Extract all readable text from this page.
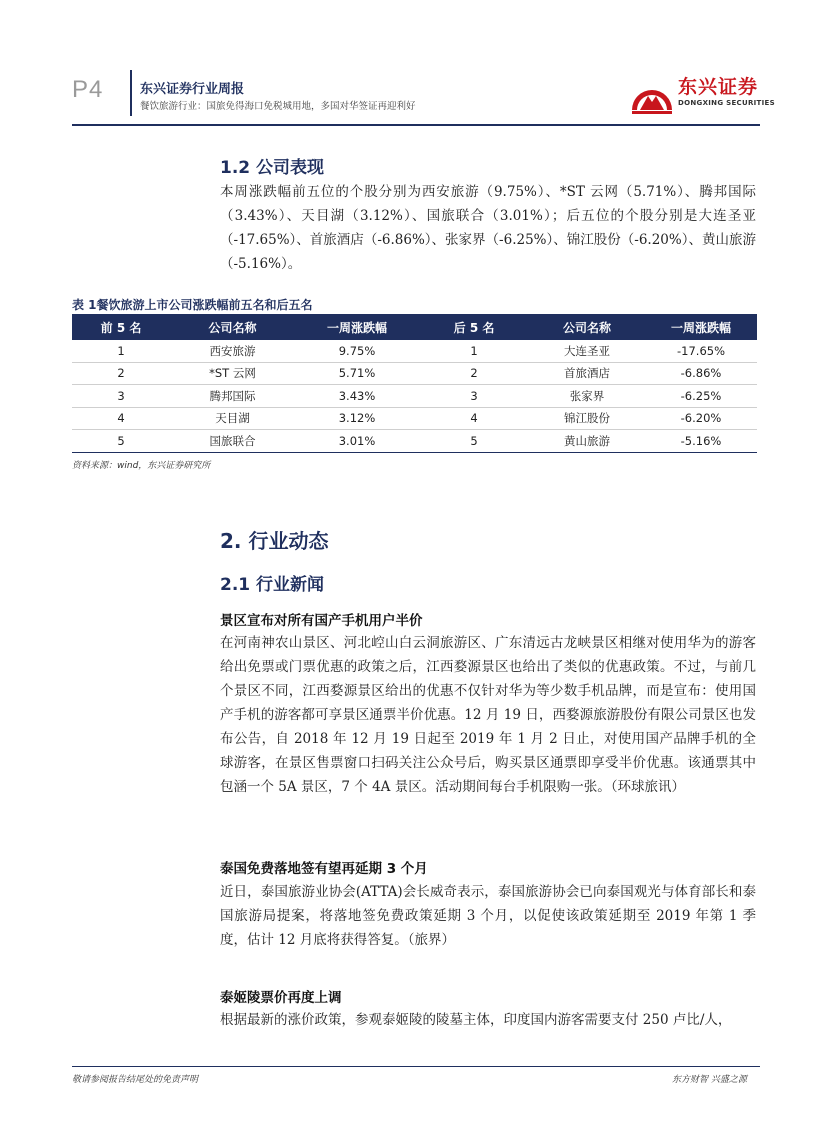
P4	东兴证券行业周报
餐饮旅游行业：国旅免得海口免税城用地，多国对华签证再迎利好
东兴证券
DONGXING SECURITIES
1.2 公司表现
本周涨跌幅前五位的个股分别为西安旅游（9.75%）、*ST 云网（5.71%）、腾邦国际（3.43%）、天目湖（3.12%）、国旅联合（3.01%）；后五位的个股分别是大连圣亚（-17.65%）、首旅酒店（-6.86%）、张家界（-6.25%）、锦江股份（-6.20%）、黄山旅游（-5.16%）。
表 1餐饮旅游上市公司涨跌幅前五名和后五名
前 5 名	公司名称	一周涨跌幅	后 5 名	公司名称	一周涨跌幅
1	西安旅游	9.75%	1	大连圣亚	-17.65%
2	*ST 云网	5.71%	2	首旅酒店	-6.86%
3	腾邦国际	3.43%	3	张家界	-6.25%
4	天目湖	3.12%	4	锦江股份	-6.20%
5	国旅联合	3.01%	5	黄山旅游	-5.16%
资料来源：wind，东兴证券研究所
2. 行业动态
2.1 行业新闻
景区宣布对所有国产手机用户半价
在河南神农山景区、河北崆山白云洞旅游区、广东清远古龙峡景区相继对使用华为的游客给出免票或门票优惠的政策之后，江西婺源景区也给出了类似的优惠政策。不过，与前几个景区不同，江西婺源景区给出的优惠不仅针对华为等少数手机品牌，而是宣布：使用国产手机的游客都可享景区通票半价优惠。12 月 19 日，西婺源旅游股份有限公司景区也发布公告，自 2018 年 12 月 19 日起至 2019 年 1 月 2 日止，对使用国产品牌手机的全球游客，在景区售票窗口扫码关注公众号后，购买景区通票即享受半价优惠。该通票其中包涵一个 5A 景区，7 个 4A 景区。活动期间每台手机限购一张。（环球旅讯）
泰国免费落地签有望再延期 3 个月
近日，泰国旅游业协会(ATTA)会长威奇表示，泰国旅游协会已向泰国观光与体育部长和泰国旅游局提案，将落地签免费政策延期 3 个月，以促使该政策延期至 2019 年第 1 季度，估计 12 月底将获得答复。（旅界）
泰姬陵票价再度上调
根据最新的涨价政策，参观泰姬陵的陵墓主体，印度国内游客需要支付 250 卢比/人，
敬请参阅报告结尾处的免责声明	东方财智 兴盛之源
